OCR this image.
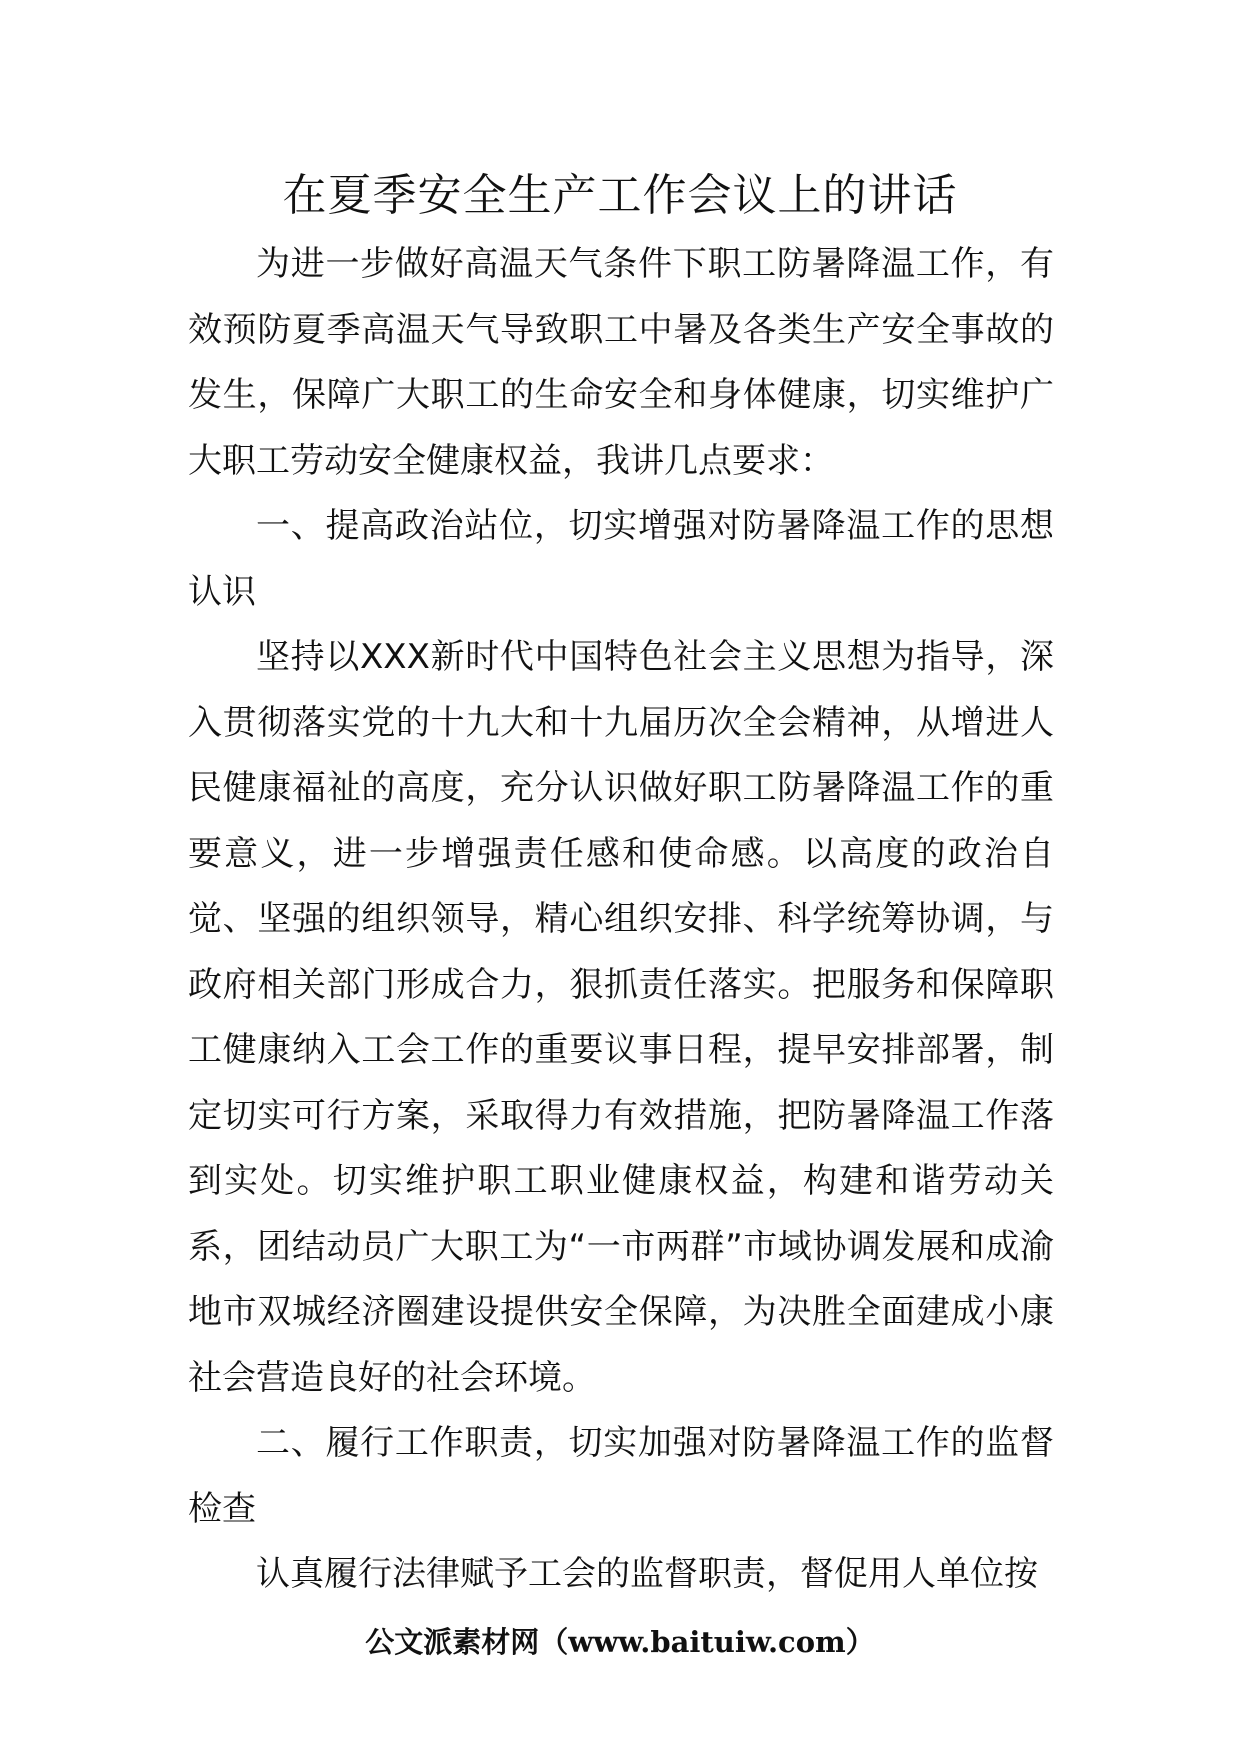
在夏季安全生产工作会议上的讲话

为进一步做好高温天气条件下职工防暑降温工作，有效预防夏季高温天气导致职工中暑及各类生产安全事故的发生，保障广大职工的生命安全和身体健康，切实维护广大职工劳动安全健康权益，我讲几点要求：

一、提高政治站位，切实增强对防暑降温工作的思想认识

坚持以XXX新时代中国特色社会主义思想为指导，深入贯彻落实党的十九大和十九届历次全会精神，从增进人民健康福祉的高度，充分认识做好职工防暑降温工作的重要意义，进一步增强责任感和使命感。以高度的政治自觉、坚强的组织领导，精心组织安排、科学统筹协调，与政府相关部门形成合力，狠抓责任落实。把服务和保障职工健康纳入工会工作的重要议事日程，提早安排部署，制定切实可行方案，采取得力有效措施，把防暑降温工作落到实处。切实维护职工职业健康权益，构建和谐劳动关系，团结动员广大职工为“一市两群”市域协调发展和成渝地市双城经济圈建设提供安全保障，为决胜全面建成小康社会营造良好的社会环境。

二、履行工作职责，切实加强对防暑降温工作的监督检查

认真履行法律赋予工会的监督职责，督促用人单位按

公文派素材网（www.baituiw.com）
